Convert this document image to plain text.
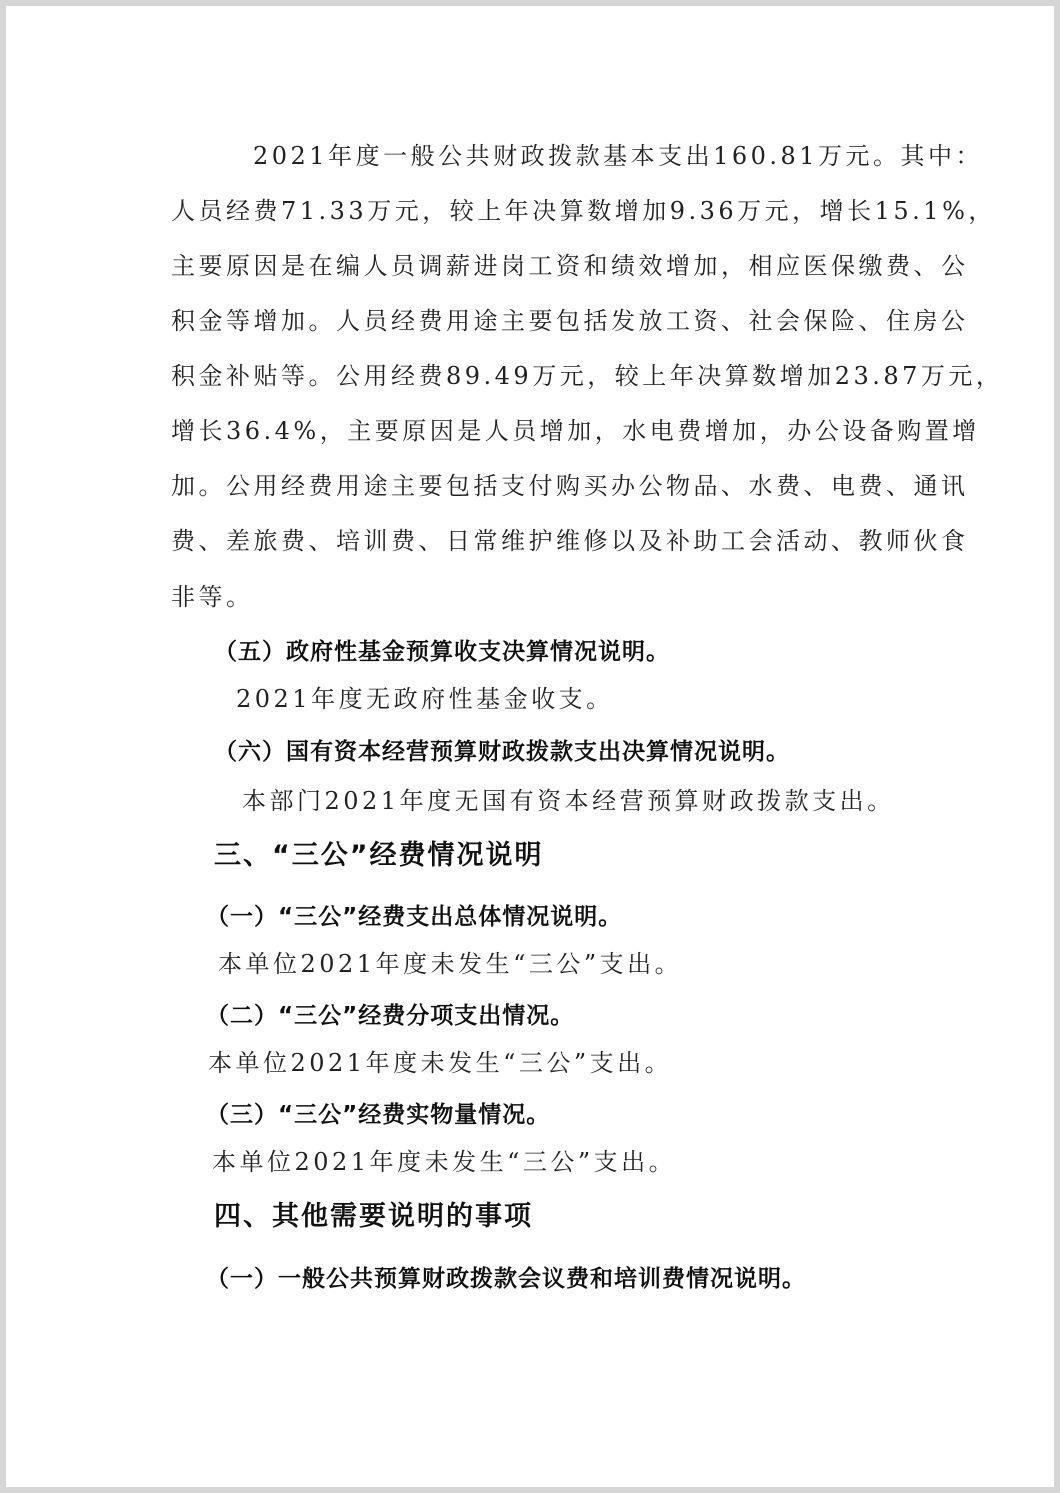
2021年度一般公共财政拨款基本支出160.81万元。其中：
人员经费71.33万元，较上年决算数增加9.36万元，增长15.1%，
主要原因是在编人员调薪进岗工资和绩效增加，相应医保缴费、公
积金等增加。人员经费用途主要包括发放工资、社会保险、住房公
积金补贴等。公用经费89.49万元，较上年决算数增加23.87万元，
增长36.4%，主要原因是人员增加，水电费增加，办公设备购置增
加。公用经费用途主要包括支付购买办公物品、水费、电费、通讯
费、差旅费、培训费、日常维护维修以及补助工会活动、教师伙食
非等。
（五）政府性基金预算收支决算情况说明。
2021年度无政府性基金收支。
（六）国有资本经营预算财政拨款支出决算情况说明。
本部门2021年度无国有资本经营预算财政拨款支出。
三、“三公”经费情况说明
（一）“三公”经费支出总体情况说明。
本单位2021年度未发生“三公”支出。
（二）“三公”经费分项支出情况。
本单位2021年度未发生“三公”支出。
（三）“三公”经费实物量情况。
本单位2021年度未发生“三公”支出。
四、其他需要说明的事项
（一）一般公共预算财政拨款会议费和培训费情况说明。
